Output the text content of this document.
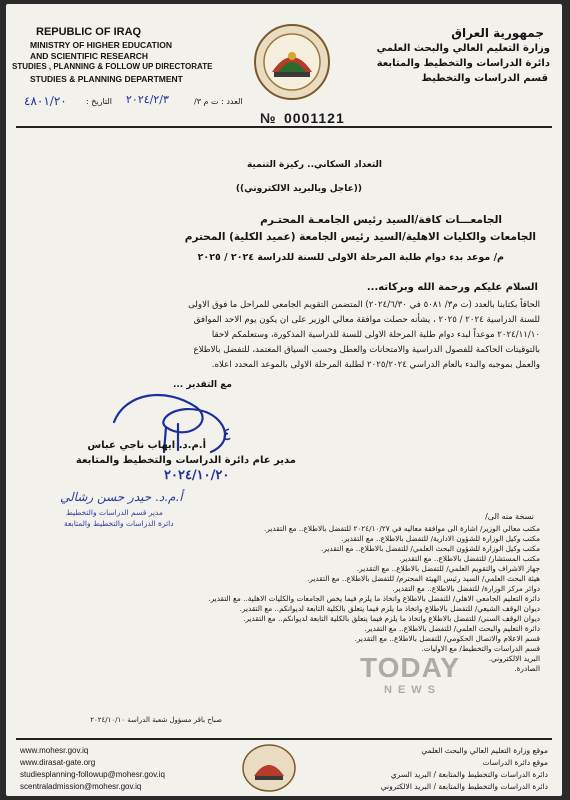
REPUBLIC OF IRAQ
MINISTRY OF HIGHER EDUCATION
AND SCIENTIFIC RESEARCH
STUDIES , PLANNING & FOLLOW UP DIRECTORATE
STUDIES & PLANNING DEPARTMENT
جمهورية العراق
وزارة التعليم العالي والبحث العلمي
دائرة الدراسات والتخطيط والمتابعة
قسم الدراسات والتخطيط
٤٨٠١/٢٠ التاريخ : ٢٠٢٤/٢/٣	العدد : ت م ٣/
№ 0001121
التعداد السكاني.. ركيزة التنمية
((عاجل وبالبريد الالكتروني))
الجامعـــات كافة/السيد رئيس الجامعـة المحتـرم
الجامعات والكليات الاهلية/السيد رئيس الجامعة (عميد الكلية) المحترم
م/ موعد بدء دوام طلبة المرحلة الاولى للسنة للدراسة ٢٠٢٤ / ٢٠٢٥
السلام عليكم ورحمة الله وبركاته...
الحاقاً بكتابنا بالعدد (ت م٣/ ٥٠٨١ في ٢٠٢٤/٦/٣٠) المتضمن التقويم الجامعي للمراحل ما فوق الاولى
للسنة الدراسية ٢٠٢٤ / ٢٠٢٥ ، يشأنه حصلت موافقة معالي الوزير على ان يكون يوم الاحد الموافق
٢٠٢٤/١١/١٠ موعداً لبدء دوام طلبة المرحلة الاولى للسنة للدراسية المذكورة، وستعلمكم لاحقا
بالتوقيتات الحاكمة للفصول الدراسية والامتحانات والعطل وحسب السياق المعتمد، للتفضل بالاطلاع
والعمل بموجبه والبدء بالعام الدراسي ٢٠٢٥/٢٠٢٤ لطلبة المرحلة الاولى بالموعد المحدد اعلاه.
مع التقدير ...
٤
أ.م.د. ايهاب ناجي عباس
مدير عام دائرة الدراسات والتخطيط والمتابعة
٢٠٢٤/١٠/٢٠
أ.م.د. حيدر حسن رشالي
مدير قسم الدراسات والتخطيط
دائرة الدراسات والتخطيط والمتابعة
نسخة منه الى/
مكتب معالي الوزير/ اشارة الى موافقة معاليه في ٢٠٢٤/١٠/٢٧ للتفضل بالاطلاع.. مع التقدير.
مكتب وكيل الوزارة للشؤون الادارية/ للتفضل بالاطلاع.. مع التقدير.
مكتب وكيل الوزارة للشؤون البحث العلمي/ للتفضل بالاطلاع.. مع التقدير.
مكتب المستشار/ للتفضل بالاطلاع.. مع التقدير.
جهاز الاشراف والتقويم العلمي/ للتفضل بالاطلاع.. مع التقدير.
هيئة البحث العلمي/ السيد رئيس الهيئة المحترم/ للتفضل بالاطلاع.. مع التقدير.
دوائر مركز الوزارة/ للتفضل بالاطلاع.. مع التقدير.
دائرة التعليم الجامعي الاهلي/ للتفضل بالاطلاع واتخاذ ما يلزم فيما يخص الجامعات والكليات الاهلية.. مع التقدير.
ديوان الوقف الشيعي/ للتفضل بالاطلاع واتخاذ ما يلزم فيما يتعلق بالكلية التابعة لديوانكم.. مع التقدير.
ديوان الوقف السني/ للتفضل بالاطلاع واتخاذ ما يلزم فيما يتعلق بالكلية التابعة لديوانكم.. مع التقدير.
دائرة التعليم والبحث العلمي/ للتفضل بالاطلاع.. مع التقدير.
قسم الاعلام والاتصال الحكومي/ للتفضل بالاطلاع.. مع التقدير.
قسم الدراسات والتخطيط/ مع الاوليات.
البريد الالكتروني.
الصادرة.
صباح باقر مسؤول شعبة الدراسة ٢٠٢٤/١٠/١٠
TODAY
NEWS
www.mohesr.gov.iq
www.dirasat-gate.org
studiesplanning-followup@mohesr.gov.iq
scentraladmission@mohesr.gov.iq
موقع وزارة التعليم العالي والبحث العلمي
موقع دائرة الدراسات
دائرة الدراسات والتخطيط والمتابعة / البريد السري
دائرة الدراسات والتخطيط والمتابعة / البريد الالكتروني
